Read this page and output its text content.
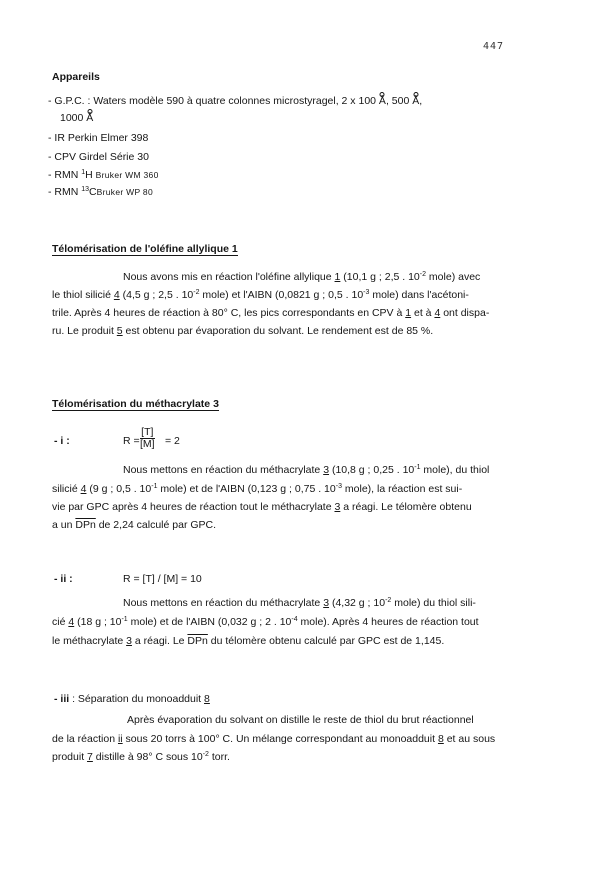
447
Appareils
- G.P.C. : Waters modèle 590 à quatre colonnes microstyragel, 2 x 100 Å, 500 Å,
1000 Å
- IR Perkin Elmer 398
- CPV Girdel Série 30
- RMN $^1$H Bruker WM 360
- RMN $^{13}$CBruker WP 80
Télomérisation de l'oléfine allylique 1
Nous avons mis en réaction l'oléfine allylique 1 (10,1 g ; 2,5 . $10^{-2}$ mole) avec
le thiol silicié 4 (4,5 g ; 2,5 . $10^{-2}$ mole) et l'AIBN (0,0821 g ; 0,5 . $10^{-3}$ mole) dans l'acétoni-
trile. Après 4 heures de réaction à 80° C, les pics correspondants en CPV à 1 et à 4 ont dispa-
ru. Le produit 5 est obtenu par évaporation du solvant. Le rendement est de 85 %.
Télomérisation du méthacrylate 3
- i :	$R = \frac{[T]}{[M]} = 2$
Nous mettons en réaction du méthacrylate 3 (10,8 g ; 0,25 . $10^{-1}$ mole), du thiol
silicié 4 (9 g ; 0,5 . $10^{-1}$ mole) et de l'AIBN (0,123 g ; 0,75 . $10^{-3}$ mole), la réaction est sui-
vie par GPC après 4 heures de réaction tout le méthacrylate 3 a réagi. Le télomère obtenu
a un $\overline{DPn}$ de 2,24 calculé par GPC.
- ii :	R = [T] / [M] = 10
Nous mettons en réaction du méthacrylate 3 (4,32 g ; $10^{-2}$ mole) du thiol sili-
cié 4 (18 g ; $10^{-1}$ mole) et de l'AIBN (0,032 g ; 2 . $10^{-4}$ mole). Après 4 heures de réaction tout
le méthacrylate 3 a réagi. Le $\overline{DPn}$ du télomère obtenu calculé par GPC est de 1,145.
- iii : Séparation du monoadduit 8
Après évaporation du solvant on distille le reste de thiol du brut réactionnel
de la réaction ii sous 20 torrs à 100° C. Un mélange correspondant au monoadduit 8 et au sous
produit 7 distille à 98° C sous $10^{-2}$ torr.
